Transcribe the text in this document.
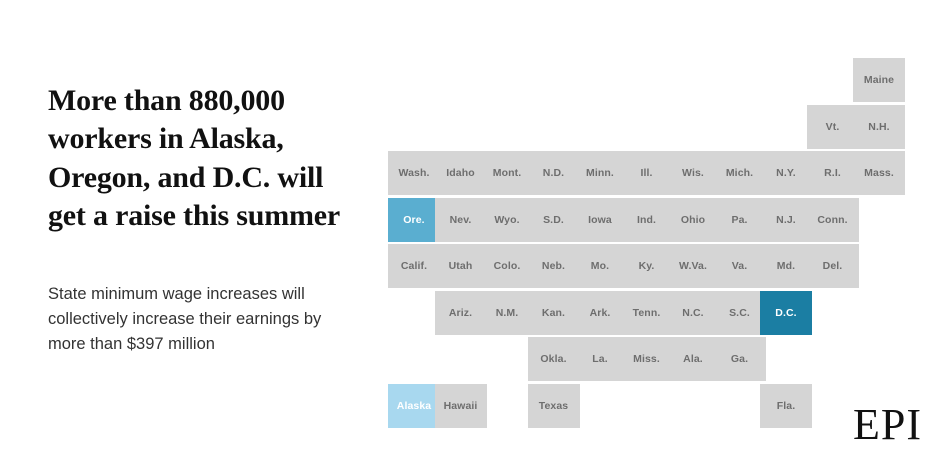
More than 880,000 workers in Alaska, Oregon, and D.C. will get a raise this summer
State minimum wage increases will collectively increase their earnings by more than $397 million
Maine
Vt.	N.H.
Wash.	Idaho	Mont.	N.D.	Minn.	Ill.	Wis.	Mich.	N.Y.	R.I.	Mass.
Ore.	Nev.	Wyo.	S.D.	Iowa	Ind.	Ohio	Pa.	N.J.	Conn.
Calif.	Utah	Colo.	Neb.	Mo.	Ky.	W.Va.	Va.	Md.	Del.
Ariz.	N.M.	Kan.	Ark.	Tenn.	N.C.	S.C.	D.C.
Okla.	La.	Miss.	Ala.	Ga.
Alaska	Hawaii	Texas	Fla.	EPI
